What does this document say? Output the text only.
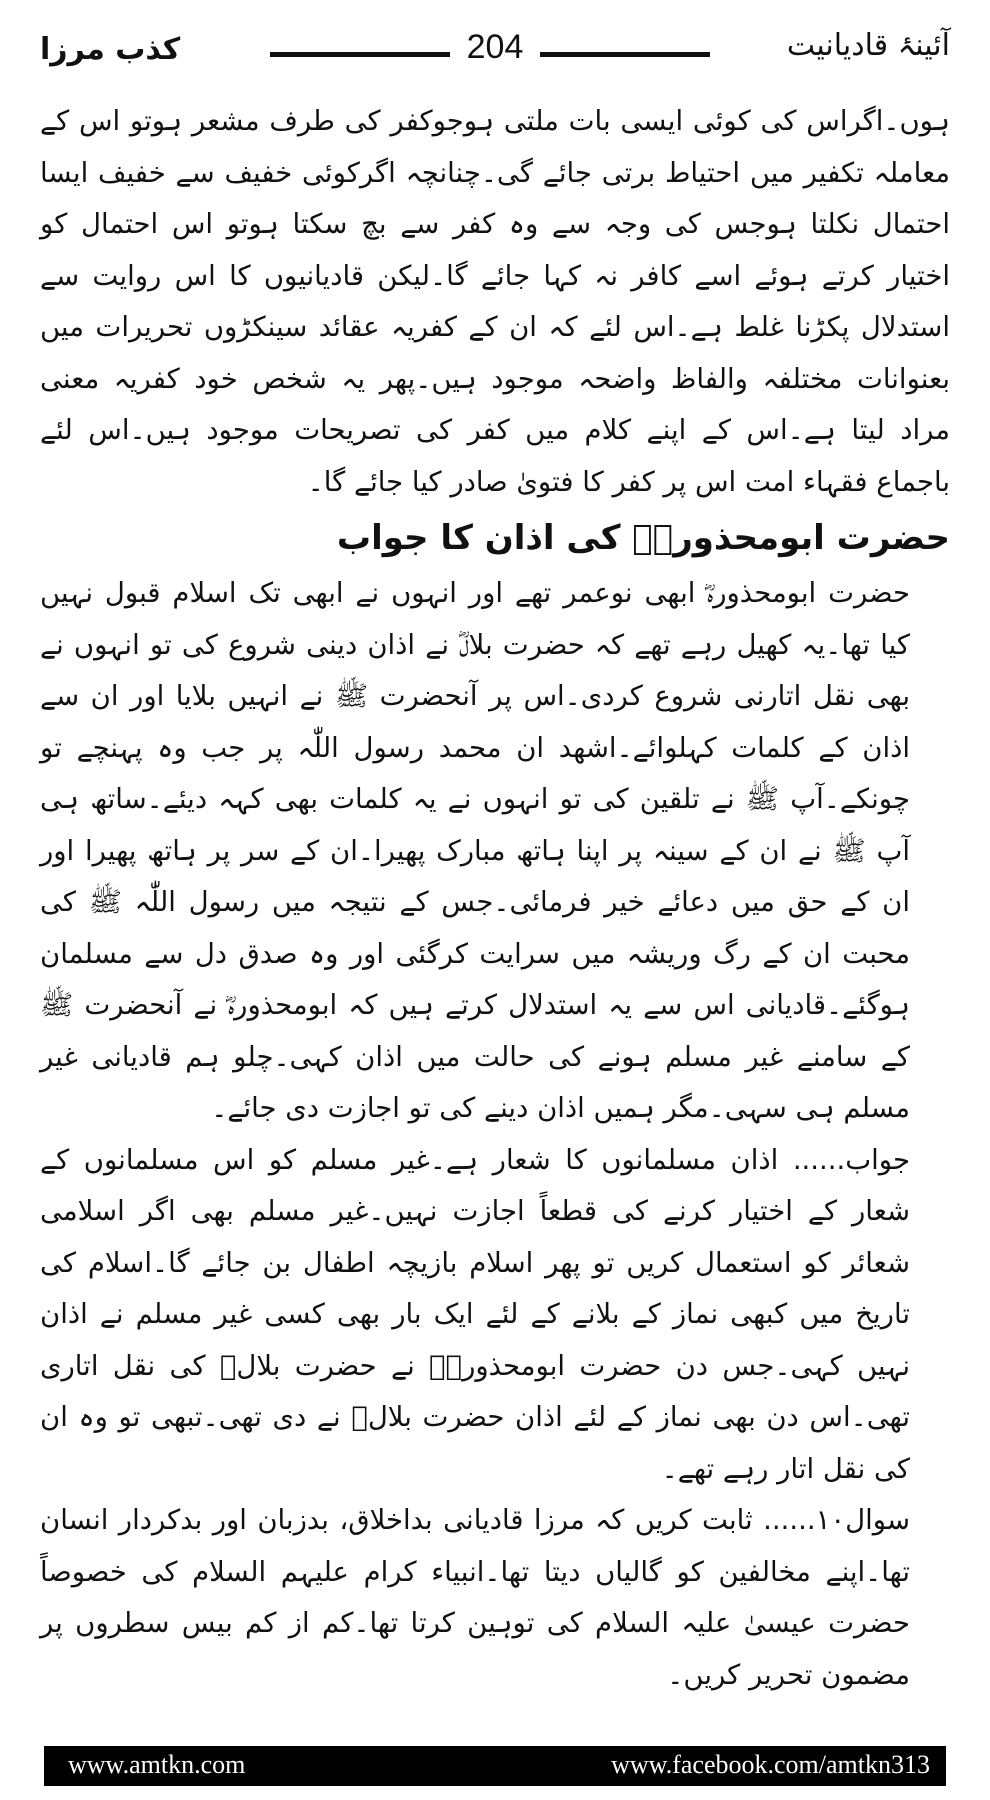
کذب مرزا	204	آئینۂ قادیانیت

ہوں۔اگراس کی کوئی ایسی بات ملتی ہوجوکفر کی طرف مشعر ہوتو اس کے معاملہ تکفیر میں احتیاط برتی جائے گی۔چنانچہ اگرکوئی خفیف سے خفیف ایسا احتمال نکلتا ہوجس کی وجہ سے وہ کفر سے بچ سکتا ہوتو اس احتمال کو اختیار کرتے ہوئے اسے کافر نہ کہا جائے گا۔لیکن قادیانیوں کا اس روایت سے استدلال پکڑنا غلط ہے۔اس لئے کہ ان کے کفریہ عقائد سینکڑوں تحریرات میں بعنوانات مختلفہ والفاظ واضحہ موجود ہیں۔پھر یہ شخص خود کفریہ معنی مراد لیتا ہے۔اس کے اپنے کلام میں کفر کی تصریحات موجود ہیں۔اس لئے باجماع فقہاء امت اس پر کفر کا فتویٰ صادر کیا جائے گا۔

حضرت ابومحذورہؓ کی اذان کا جواب

حضرت ابومحذورہؓ ابھی نوعمر تھے اور انہوں نے ابھی تک اسلام قبول نہیں کیا تھا۔یہ کھیل رہے تھے کہ حضرت بلالؓ نے اذان دینی شروع کی تو انہوں نے بھی نقل اتارنی شروع کردی۔اس پر آنحضرت ﷺ نے انہیں بلایا اور ان سے اذان کے کلمات کہلوائے۔اشھد ان محمد رسول اللّٰہ پر جب وہ پہنچے تو چونکے۔آپ ﷺ نے تلقین کی تو انہوں نے یہ کلمات بھی کہہ دیئے۔ساتھ ہی آپ ﷺ نے ان کے سینہ پر اپنا ہاتھ مبارک پھیرا۔ان کے سر پر ہاتھ پھیرا اور ان کے حق میں دعائے خیر فرمائی۔جس کے نتیجہ میں رسول اللّٰہ ﷺ کی محبت ان کے رگ وریشہ میں سرایت کرگئی اور وہ صدق دل سے مسلمان ہوگئے۔قادیانی اس سے یہ استدلال کرتے ہیں کہ ابومحذورہؓ نے آنحضرت ﷺ کے سامنے غیر مسلم ہونے کی حالت میں اذان کہی۔چلو ہم قادیانی غیر مسلم ہی سہی۔مگر ہمیں اذان دینے کی تو اجازت دی جائے۔

جواب...... اذان مسلمانوں کا شعار ہے۔غیر مسلم کو اس مسلمانوں کے شعار کے اختیار کرنے کی قطعاً اجازت نہیں۔غیر مسلم بھی اگر اسلامی شعائر کو استعمال کریں تو پھر اسلام بازیچہ اطفال بن جائے گا۔اسلام کی تاریخ میں کبھی نماز کے بلانے کے لئے ایک بار بھی کسی غیر مسلم نے اذان نہیں کہی۔جس دن حضرت ابومحذورہؓ نے حضرت بلالؓ کی نقل اتاری تھی۔اس دن بھی نماز کے لئے اذان حضرت بلالؓ نے دی تھی۔تبھی تو وہ ان کی نقل اتار رہے تھے۔

سوال۱۰...... ثابت کریں کہ مرزا قادیانی بداخلاق، بدزبان اور بدکردار انسان تھا۔اپنے مخالفین کو گالیاں دیتا تھا۔انبیاء کرام علیہم السلام کی خصوصاً حضرت عیسیٰ علیہ السلام کی توہین کرتا تھا۔کم از کم بیس سطروں پر مضمون تحریر کریں۔

www.amtkn.com	www.facebook.com/amtkn313
